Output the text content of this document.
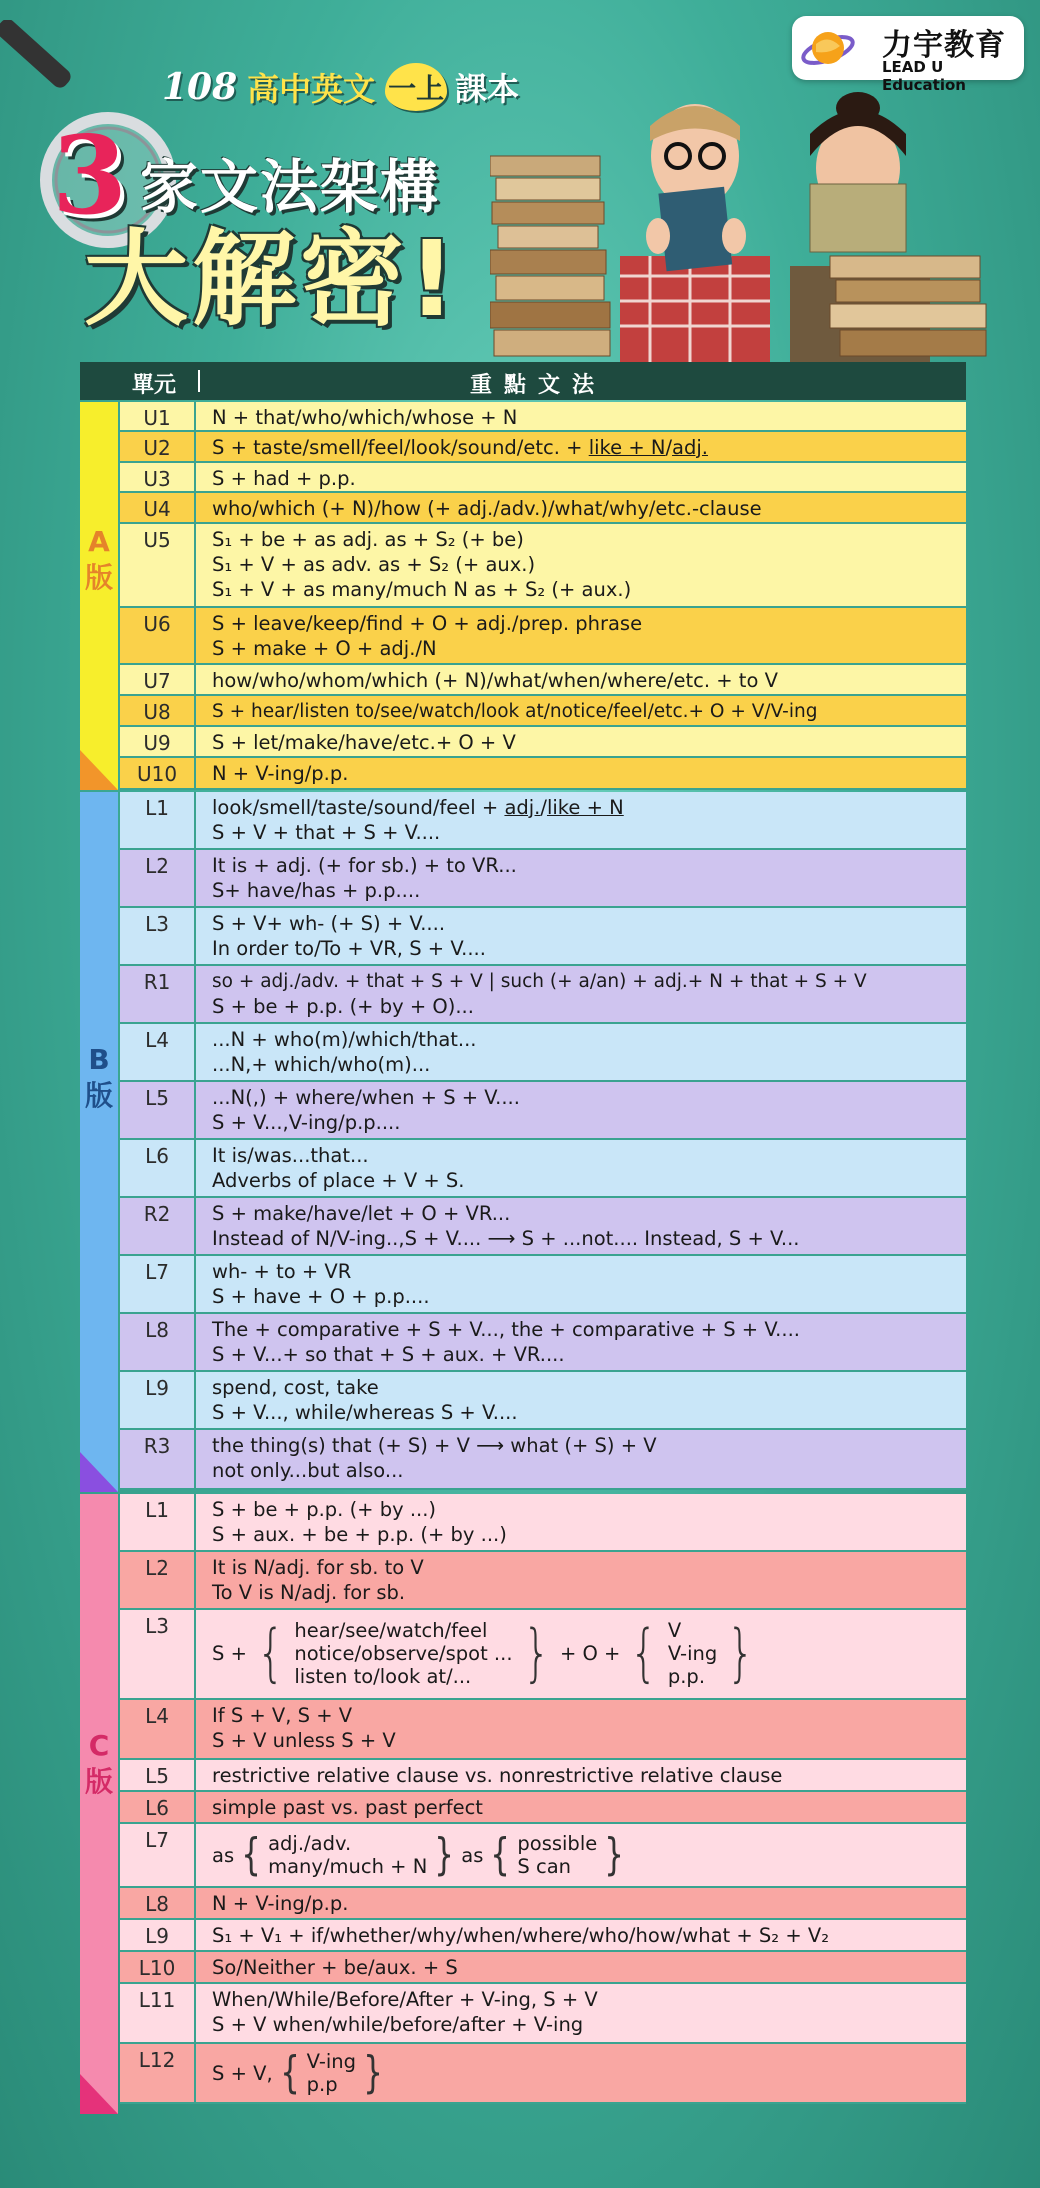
力宇教育
LEAD U Education
108 高中英文 一上 課本
3 家文法架構
大解密!
單元	重點文法
A
版
U1	N + that/who/which/whose + N
U2	S + taste/smell/feel/look/sound/etc. + like + N/adj.
U3	S + had + p.p.
U4	who/which (+ N)/how (+ adj./adv.)/what/why/etc.-clause
U5	S₁ + be + as adj. as + S₂ (+ be)
S₁ + V + as adv. as + S₂ (+ aux.)
S₁ + V + as many/much N as + S₂ (+ aux.)
U6	S + leave/keep/find + O + adj./prep. phrase
S + make + O + adj./N
U7	how/who/whom/which (+ N)/what/when/where/etc. + to V
U8	S + hear/listen to/see/watch/look at/notice/feel/etc.+ O + V/V-ing
U9	S + let/make/have/etc.+ O + V
U10	N + V-ing/p.p.
B
版
L1	look/smell/taste/sound/feel + adj./like + N
S + V + that + S + V....
L2	It is + adj. (+ for sb.) + to VR...
S+ have/has + p.p....
L3	S + V+ wh- (+ S) + V....
In order to/To + VR, S + V....
R1	so + adj./adv. + that + S + V | such (+ a/an) + adj.+ N + that + S + V
S + be + p.p. (+ by + O)...
L4	...N + who(m)/which/that...
...N,+ which/who(m)...
L5	...N(,) + where/when + S + V....
S + V...,V-ing/p.p....
L6	It is/was...that...
Adverbs of place + V + S.
R2	S + make/have/let + O + VR...
Instead of N/V-ing..,S + V.... ⟶ S + ...not.... Instead, S + V...
L7	wh- + to + VR
S + have + O + p.p....
L8	The + comparative + S + V..., the + comparative + S + V....
S + V...+ so that + S + aux. + VR....
L9	spend, cost, take
S + V..., while/whereas S + V....
R3	the thing(s) that (+ S) + V ⟶ what (+ S) + V
not only...but also...
C
版
L1	S + be + p.p. (+ by ...)
S + aux. + be + p.p. (+ by ...)
L2	It is N/adj. for sb. to V
To V is N/adj. for sb.
L3
S + { hear/see/watch/feel
notice/observe/spot ...
listen to/look at/... } + O + { V
V-ing
p.p. }
L4	If S + V, S + V
S + V unless S + V
L5	restrictive relative clause vs. nonrestrictive relative clause
L6	simple past vs. past perfect
L7
as { adj./adv.
many/much + N } as { possible
S can }
L8	N + V-ing/p.p.
L9	S₁ + V₁ + if/whether/why/when/where/who/how/what + S₂ + V₂
L10	So/Neither + be/aux. + S
L11	When/While/Before/After + V-ing, S + V
S + V when/while/before/after + V-ing
L12
S + V, { V-ing
p.p }
